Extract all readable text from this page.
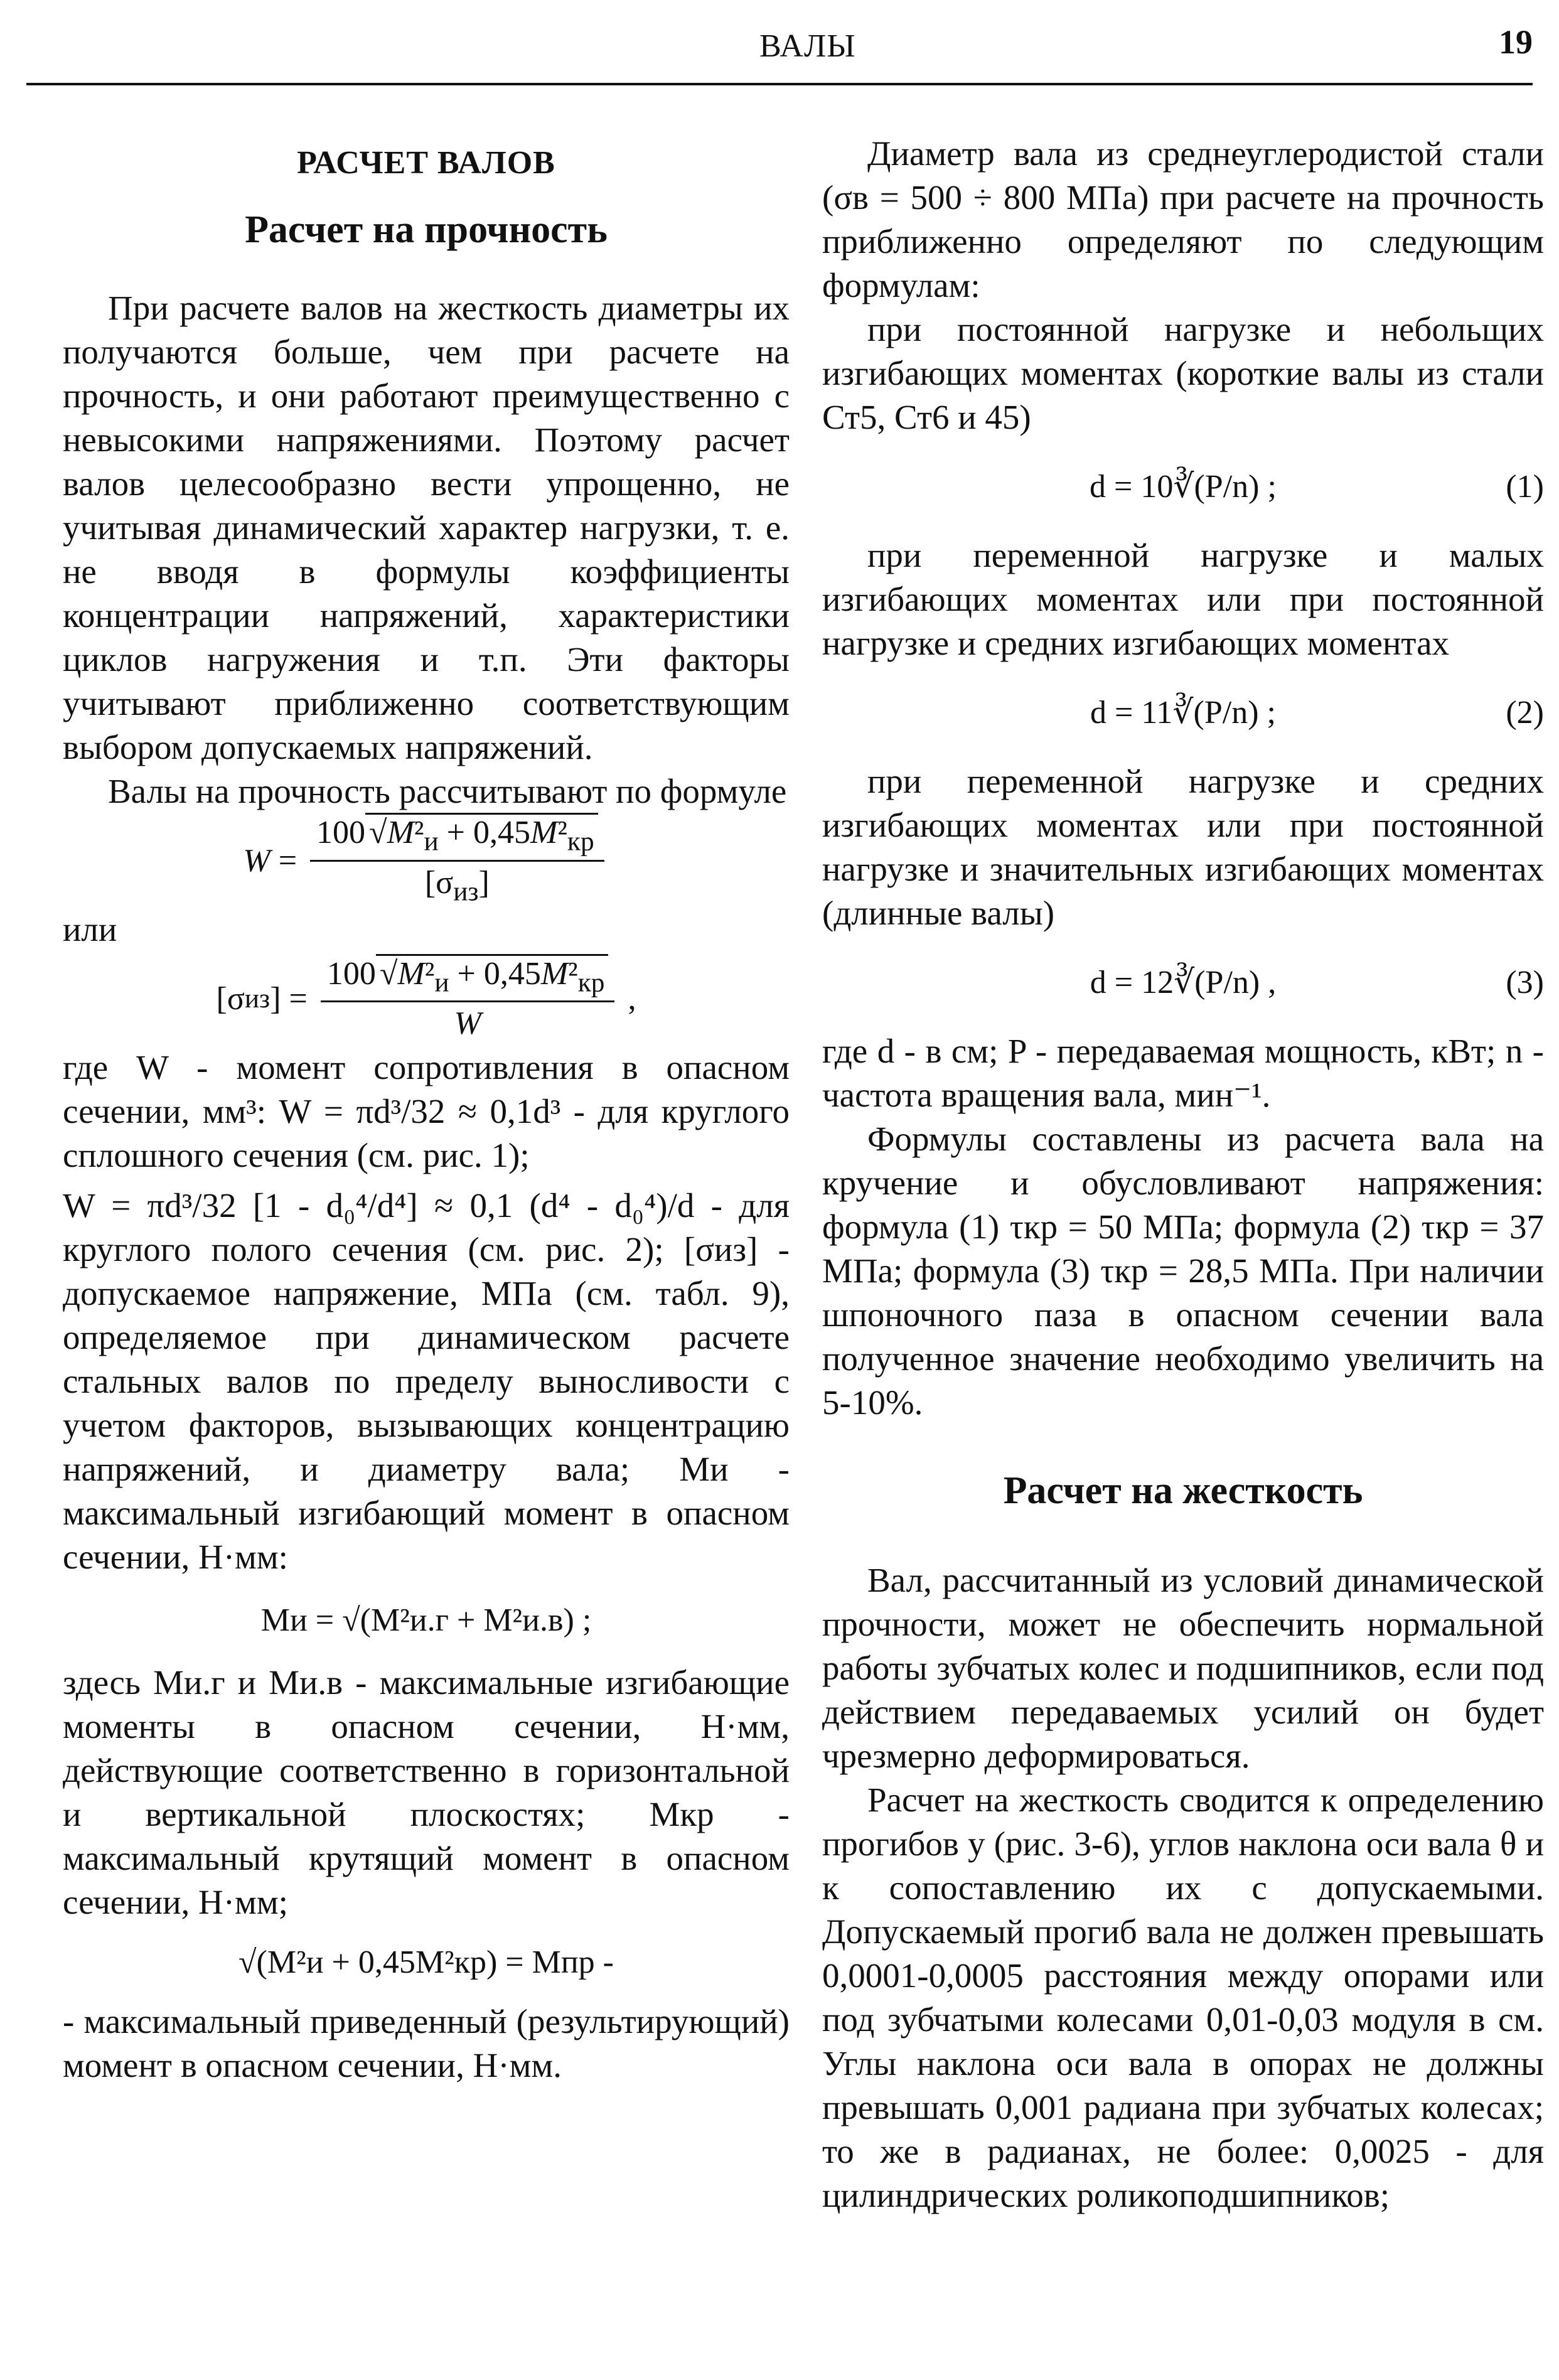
ВАЛЫ	19
РАСЧЕТ ВАЛОВ
Расчет на прочность

При расчете валов на жесткость диаметры их получаются больше, чем при расчете на прочность, и они работают преимущественно с невысокими напряжениями. Поэтому расчет валов целесообразно вести упрощенно, не учитывая динамический характер нагрузки, т. е. не вводя в формулы коэффициенты концентрации напряжений, характеристики циклов нагружения и т.п. Эти факторы учитывают приближенно соответствующим выбором допускаемых напряжений.

Валы на прочность рассчитывают по формуле

$W = \frac{100 √M^2_и + 0,45M^2_{кр}}{[\sigma_{из}]}$

или

[σ из ] = $\frac{100 √M^2_и + 0,45M^2_{кр}}{W}$ ,

где W - момент сопротивления в опасном сечении, мм³: W = πd³/32 ≈ 0,1d³ - для круглого сплошного сечения (см. рис. 1);

W = πd³/32 [1 - d₀⁴/d⁴] ≈ 0,1 (d⁴ - d₀⁴)/d - для круглого полого сечения (см. рис. 2); [σиз] - допускаемое напряжение, МПа (см. табл. 9), определяемое при динамическом расчете стальных валов по пределу выносливости с учетом факторов, вызывающих концентрацию напряжений, и диаметру вала; Mи - максимальный изгибающий момент в опасном сечении, Н·мм:

Mи = √(M²и.г + M²и.в) ;

здесь Mи.г и Mи.в - максимальные изгибающие моменты в опасном сечении, Н·мм, действующие соответственно в горизонтальной и вертикальной плоскостях; Mкр - максимальный крутящий момент в опасном сечении, Н·мм;

√(M²и + 0,45M²кр) = Mпр -

- максимальный приведенный (результирующий) момент в опасном сечении, Н·мм.

Диаметр вала из среднеуглеродистой стали (σв = 500 ÷ 800 МПа) при расчете на прочность приближенно определяют по следующим формулам:

при постоянной нагрузке и небольщих изгибающих моментах (короткие валы из стали Ст5, Ст6 и 45)

d = 10∛(P/n) ;	(1)

при переменной нагрузке и малых изгибающих моментах или при постоянной нагрузке и средних изгибающих моментах

d = 11∛(P/n) ;	(2)

при переменной нагрузке и средних изгибающих моментах или при постоянной нагрузке и значительных изгибающих моментах (длинные валы)

d = 12∛(P/n) ,	(3)

где d - в см; P - передаваемая мощность, кВт; n - частота вращения вала, мин⁻¹.

Формулы составлены из расчета вала на кручение и обусловливают напряжения: формула (1) τкр = 50 МПа; формула (2) τкр = 37 МПа; формула (3) τкр = 28,5 МПа. При наличии шпоночного паза в опасном сечении вала полученное значение необходимо увеличить на 5-10%.

Расчет на жесткость

Вал, рассчитанный из условий динамической прочности, может не обеспечить нормальной работы зубчатых колес и подшипников, если под действием передаваемых усилий он будет чрезмерно деформироваться.

Расчет на жесткость сводится к определению прогибов y (рис. 3-6), углов наклона оси вала θ и к сопоставлению их с допускаемыми. Допускаемый прогиб вала не должен превышать 0,0001-0,0005 расстояния между опорами или под зубчатыми колесами 0,01-0,03 модуля в см. Углы наклона оси вала в опорах не должны превышать 0,001 радиана при зубчатых колесах; то же в радианах, не более: 0,0025 - для цилиндрических роликоподшипников;
